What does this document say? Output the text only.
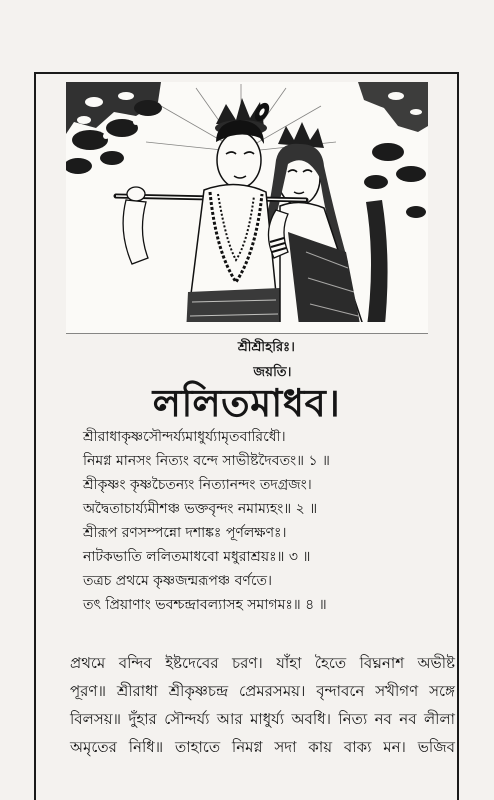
শ্রীশ্রীহরিঃ।
জয়তি।
ললিতমাধব।
শ্রীরাধাকৃষ্ণসৌন্দর্য্যমাধুর্য্যামৃতবারিধৌ।
নিমগ্ন মানসং নিত্যং বন্দে সাভীষ্টদৈবতং॥ ১ ॥
শ্রীকৃষ্ণং কৃষ্ণচৈতন্যং নিত্যানন্দং তদগ্রজং।
অদ্বৈতাচার্য্যমীশঞ্চ ভক্তবৃন্দং নমাম্যহং॥ ২ ॥
শ্রীরূপ রণসম্পন্নো দশাঙ্কঃ পূর্ণলক্ষণঃ।
নাটকভাতি ললিতমাধবো মধুরাশ্রয়ঃ॥ ৩ ॥
তত্রচ প্রথমে কৃষ্ণজন্মরূপঞ্চ বর্ণতে।
তৎ প্রিয়াণাং ভবশ্চন্দ্রাবল্যাসহ সমাগমঃ॥ ৪ ॥
প্রথমে বন্দিব ইষ্টদেবের চরণ। যাঁহা হৈতে বিঘ্ননাশ অভীষ্ট
পূরণ॥ শ্রীরাধা শ্রীকৃষ্ণচন্দ্র প্রেমরসময়। বৃন্দাবনে সখীগণ সঙ্গে
বিলসয়॥ দুঁহার সৌন্দর্য্য আর মাধুর্য্য অবধি। নিত্য নব নব লীলা
অমৃতের নিধি॥ তাহাতে নিমগ্ন সদা কায় বাক্য মন। ভজিব
